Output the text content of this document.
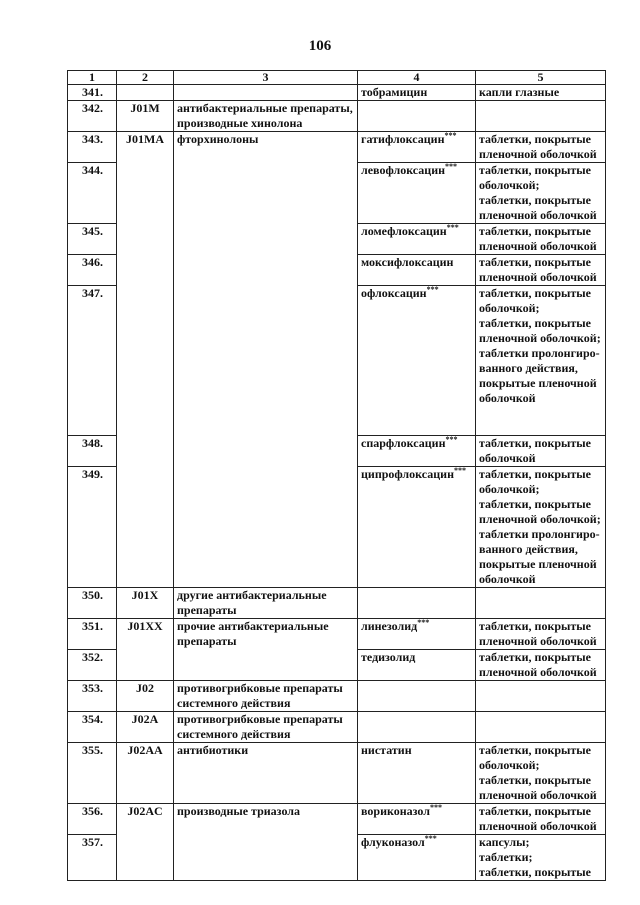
106
1	2	3	4	5
341.			тобрамицин	капли глазные
342.	J01M	антибактериальные препараты, производные хинолона		
343.	J01MA	фторхинолоны	гатифлоксацин***	таблетки, покрытые пленочной оболочкой
344.			левофлоксацин***	таблетки, покрытые оболочкой;
таблетки, покрытые пленочной оболочкой
345.			ломефлоксацин***	таблетки, покрытые пленочной оболочкой
346.			моксифлоксацин	таблетки, покрытые пленочной оболочкой
347.			офлоксацин***	таблетки, покрытые оболочкой;
таблетки, покрытые пленочной оболочкой;
таблетки пролонгиро-ванного действия, покрытые пленочной оболочкой
348.			спарфлоксацин***	таблетки, покрытые оболочкой
349.			ципрофлоксацин***	таблетки, покрытые оболочкой;
таблетки, покрытые пленочной оболочкой;
таблетки пролонгиро-ванного действия, покрытые пленочной оболочкой
350.	J01X	другие антибактериальные препараты		
351.	J01XX	прочие антибактериальные препараты	линезолид***	таблетки, покрытые пленочной оболочкой
352.			тедизолид	таблетки, покрытые пленочной оболочкой
353.	J02	противогрибковые препараты системного действия		
354.	J02A	противогрибковые препараты системного действия		
355.	J02AA	антибиотики	нистатин	таблетки, покрытые оболочкой;
таблетки, покрытые пленочной оболочкой
356.	J02AC	производные триазола	вориконазол***	таблетки, покрытые пленочной оболочкой
357.			флуконазол***	капсулы;
таблетки;
таблетки, покрытые
